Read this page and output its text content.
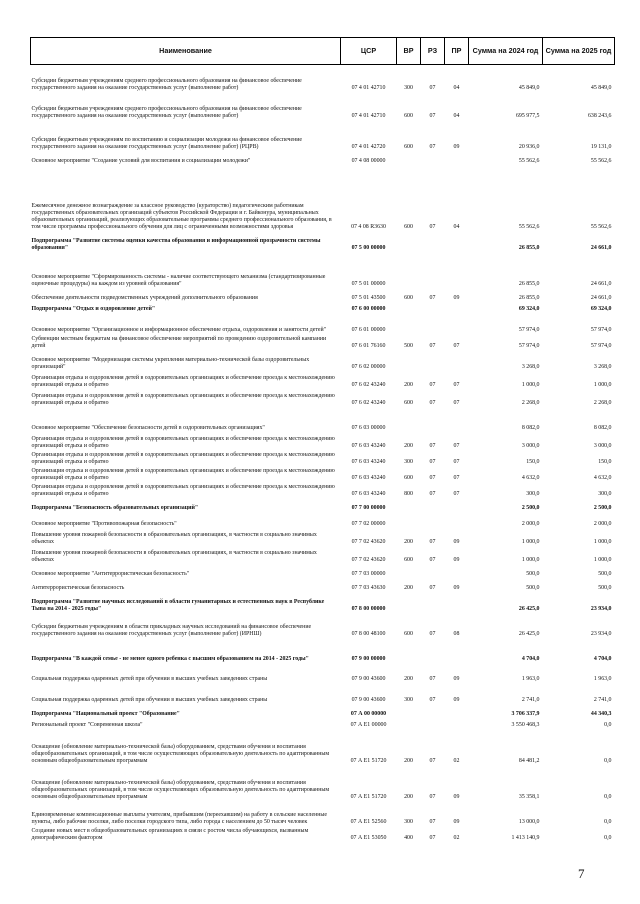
Наименование	ЦСР	ВР	РЗ	ПР	Сумма на 2024 год	Сумма на 2025 год
Субсидии бюджетным учреждениям среднего профессионального образования на финансовое обеспечение государственного задания на оказание государственных услуг (выполнение работ)	07 4 01 42710	300	07	04	45 849,0	45 849,0
Субсидии бюджетным учреждениям среднего профессионального образования на финансовое обеспечение государственного задания на оказание государственных услуг (выполнение работ)	07 4 01 42710	600	07	04	695 977,5	638 243,6
Субсидии бюджетным учреждениям по воспитанию и социализации молодежи на финансовое обеспечение государственного задания на оказание государственных услуг (выполнение работ) (РЦРВ)	07 4 01 42720	600	07	09	20 936,0	19 131,0
Основное мероприятие "Создание условий для воспитания и социализации молодежи"	07 4 08 00000				55 562,6	55 562,6
Ежемесячное денежное вознаграждение за классное руководство (кураторство) педагогическим работникам государственных образовательных организаций субъектов Российской Федерации и г. Байконура, муниципальных образовательных организаций, реализующих образовательные программы среднего профессионального образования, в том числе программы профессионального обучения для лиц с ограниченными возможностями здоровья	07 4 08 R3630	600	07	04	55 562,6	55 562,6
Подпрограмма "Развитие системы оценки качества образования и информационной прозрачности системы образования"	07 5 00 00000				26 855,0	24 661,0
Основное мероприятие "Сформированность системы - наличие соответствующего механизма (стандартизированные оценочные процедуры) на каждом из уровней образования"	07 5 01 00000				26 855,0	24 661,0
Обеспечение деятельности подведомственных учреждений дополнительного образования	07 5 01 43500	600	07	09	26 855,0	24 661,0
Подпрограмма "Отдых и оздоровление детей"	07 6 00 00000				69 324,0	69 324,0
Основное мероприятие "Организационное и информационное обеспечение отдыха, оздоровления и занятости детей"	07 6 01 00000				57 974,0	57 974,0
Субвенции местным бюджетам на финансовое обеспечение мероприятий по проведению оздоровительной кампании детей	07 6 01 76160	500	07	07	57 974,0	57 974,0
Основное мероприятие "Модернизация системы укрепления материально-технической базы оздоровительных организаций"	07 6 02 00000				3 268,0	3 268,0
Организация отдыха и оздоровления детей в оздоровительных организациях и обеспечение проезда к местонахождению организаций отдыха и обратно	07 6 02 43240	200	07	07	1 000,0	1 000,0
Организация отдыха и оздоровления детей в оздоровительных организациях и обеспечение проезда к местонахождению организаций отдыха и обратно	07 6 02 43240	600	07	07	2 268,0	2 268,0
Основное мероприятие "Обеспечение безопасности детей в оздоровительных организациях"	07 6 03 00000				8 082,0	8 082,0
Организация отдыха и оздоровления детей в оздоровительных организациях и обеспечение проезда к местонахождению организаций отдыха и обратно	07 6 03 43240	200	07	07	3 000,0	3 000,0
Организация отдыха и оздоровления детей в оздоровительных организациях и обеспечение проезда к местонахождению организаций отдыха и обратно	07 6 03 43240	300	07	07	150,0	150,0
Организация отдыха и оздоровления детей в оздоровительных организациях и обеспечение проезда к местонахождению организаций отдыха и обратно	07 6 03 43240	600	07	07	4 632,0	4 632,0
Организация отдыха и оздоровления детей в оздоровительных организациях и обеспечение проезда к местонахождению организаций отдыха и обратно	07 6 03 43240	800	07	07	300,0	300,0
Подпрограмма "Безопасность образовательных организаций"	07 7 00 00000				2 500,0	2 500,0
Основное мероприятие "Противопожарная безопасность"	07 7 02 00000				2 000,0	2 000,0
Повышение уровня пожарной безопасности в образовательных организациях, в частности в социально значимых объектах	07 7 02 43620	200	07	09	1 000,0	1 000,0
Повышение уровня пожарной безопасности в образовательных организациях, в частности в социально значимых объектах	07 7 02 43620	600	07	09	1 000,0	1 000,0
Основное мероприятие "Антитеррористическая безопасность"	07 7 03 00000				500,0	500,0
Антитеррористическая безопасность	07 7 03 43630	200	07	09	500,0	500,0
Подпрограмма "Развитие научных исследований в области гуманитарных и естественных наук в Республике Тыва на 2014 - 2025 годы"	07 8 00 00000				26 425,0	23 934,0
Субсидии бюджетным учреждениям в области прикладных научных исследований на финансовое обеспечение государственного задания на оказание государственных услуг (выполнение работ) (ИРНШ)	07 8 00 48100	600	07	08	26 425,0	23 934,0
Подпрограмма "В каждой семье - не менее одного ребенка с высшим образованием на 2014 - 2025 годы"	07 9 00 00000				4 704,0	4 704,0
Социальная поддержка одаренных детей при обучении в высших учебных заведениях страны	07 9 00 43600	200	07	09	1 963,0	1 963,0
Социальная поддержка одаренных детей при обучении в высших учебных заведениях страны	07 9 00 43600	300	07	09	2 741,0	2 741,0
Подпрограмма "Национальный проект "Образование"	07 А 00 00000				3 706 337,9	44 340,3
Региональный проект "Современная школа"	07 А E1 00000				3 550 468,3	0,0
Оснащение (обновление материально-технической базы) оборудованием, средствами обучения и воспитания общеобразовательных организаций, в том числе осуществляющих образовательную деятельность по адаптированным основным общеобразовательным программам	07 А E1 51720	200	07	02	84 481,2	0,0
Оснащение (обновление материально-технической базы) оборудованием, средствами обучения и воспитания общеобразовательных организаций, в том числе осуществляющих образовательную деятельность по адаптированным основным общеобразовательным программам	07 А E1 51720	200	07	09	35 358,1	0,0
Единовременные компенсационные выплаты учителям, прибывшим (переехавшим) на работу в сельские населенные пункты, либо рабочие поселки, либо поселки городского типа, либо города с населением до 50 тысяч человек	07 А E1 52560	300	07	09	13 000,0	0,0
Создание новых мест в общеобразовательных организациях в связи с ростом числа обучающихся, вызванным демографическим фактором	07 А E1 53050	400	07	02	1 413 140,9	0,0
7
